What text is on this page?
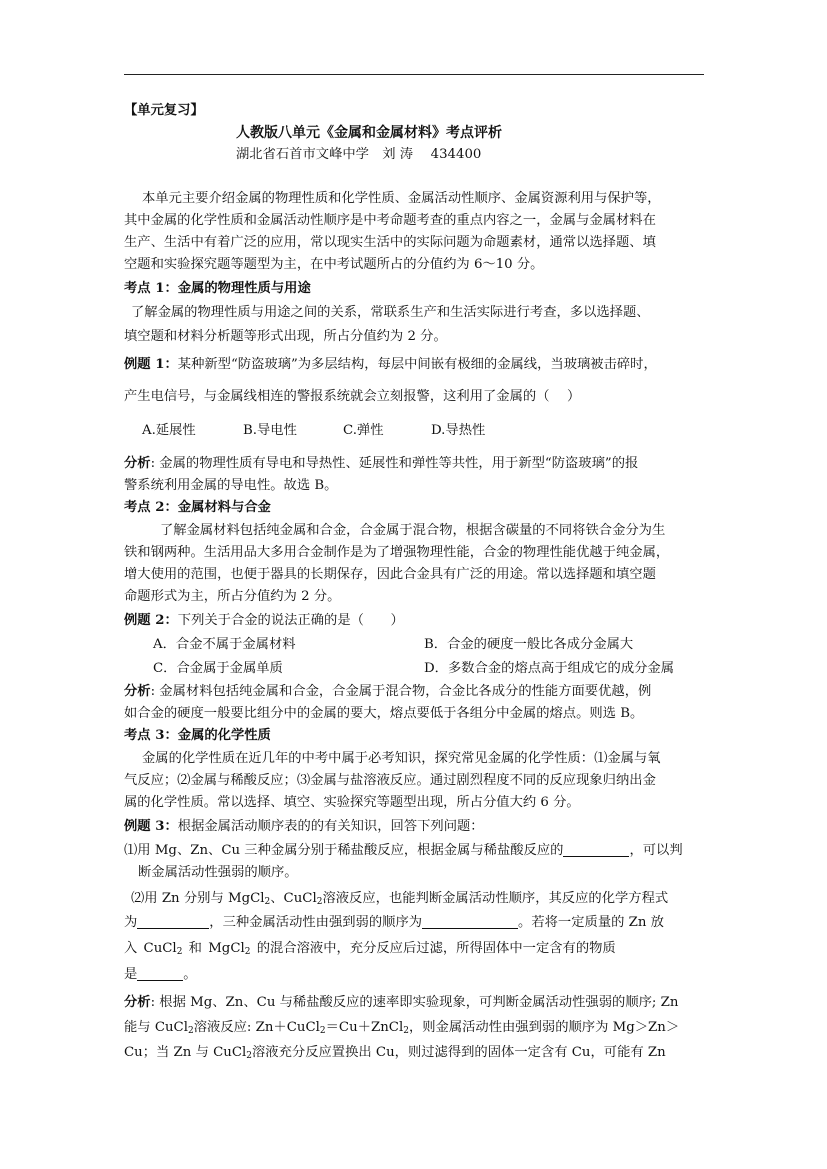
【单元复习】
人教版八单元《金属和金属材料》考点评析
湖北省石首市文峰中学　刘 涛　 434400
本单元主要介绍金属的物理性质和化学性质、金属活动性顺序、金属资源利用与保护等，
其中金属的化学性质和金属活动性顺序是中考命题考查的重点内容之一，金属与金属材料在
生产、生活中有着广泛的应用，常以现实生活中的实际问题为命题素材，通常以选择题、填
空题和实验探究题等题型为主，在中考试题所占的分值约为 6～10 分。
考点 1：金属的物理性质与用途
了解金属的物理性质与用途之间的关系，常联系生产和生活实际进行考查，多以选择题、
填空题和材料分析题等形式出现，所占分值约为 2 分。
例题 1：某种新型“防盗玻璃”为多层结构，每层中间嵌有极细的金属线，当玻璃被击碎时，
产生电信号，与金属线相连的警报系统就会立刻报警，这利用了金属的（　 ）
A.延展性	B.导电性	C.弹性	D.导热性
分析: 金属的物理性质有导电和导热性、延展性和弹性等共性，用于新型“防盗玻璃”的报
警系统利用金属的导电性。故选 B。
考点 2：金属材料与合金
了解金属材料包括纯金属和合金，合金属于混合物，根据含碳量的不同将铁合金分为生
铁和钢两种。生活用品大多用合金制作是为了增强物理性能，合金的物理性能优越于纯金属，
增大使用的范围，也便于器具的长期保存，因此合金具有广泛的用途。常以选择题和填空题
命题形式为主，所占分值约为 2 分。
例题 2：下列关于合金的说法正确的是（　　）
A．合金不属于金属材料	B．合金的硬度一般比各成分金属大
C．合金属于金属单质	D．多数合金的熔点高于组成它的成分金属
分析: 金属材料包括纯金属和合金，合金属于混合物，合金比各成分的性能方面要优越，例
如合金的硬度一般要比组分中的金属的要大，熔点要低于各组分中金属的熔点。则选 B。
考点 3：金属的化学性质
金属的化学性质在近几年的中考中属于必考知识，探究常见金属的化学性质：⑴金属与氧
气反应；⑵金属与稀酸反应；⑶金属与盐溶液反应。通过剧烈程度不同的反应现象归纳出金
属的化学性质。常以选择、填空、实验探究等题型出现，所占分值大约 6 分。
例题 3：根据金属活动顺序表的的有关知识，回答下列问题：
⑴用 Mg、Zn、Cu 三种金属分别于稀盐酸反应，根据金属与稀盐酸反应的	，可以判
断金属活动性强弱的顺序。
⑵用 Zn 分别与 MgCl$_2$、CuCl$_2$溶液反应，也能判断金属活动性顺序，其反应的化学方程式
为	，三种金属活动性由强到弱的顺序为	。若将一定质量的 Zn 放
入 CuCl$_2$ 和 MgCl$_2$ 的混合溶液中，充分反应后过滤，所得固体中一定含有的物质
是	。
分析: 根据 Mg、Zn、Cu 与稀盐酸反应的速率即实验现象，可判断金属活动性强弱的顺序; Zn
能与 CuCl$_2$溶液反应: Zn＋CuCl$_2$＝Cu＋ZnCl$_2$，则金属活动性由强到弱的顺序为 Mg＞Zn＞
Cu；当 Zn 与 CuCl$_2$溶液充分反应置换出 Cu，则过滤得到的固体一定含有 Cu，可能有 Zn
